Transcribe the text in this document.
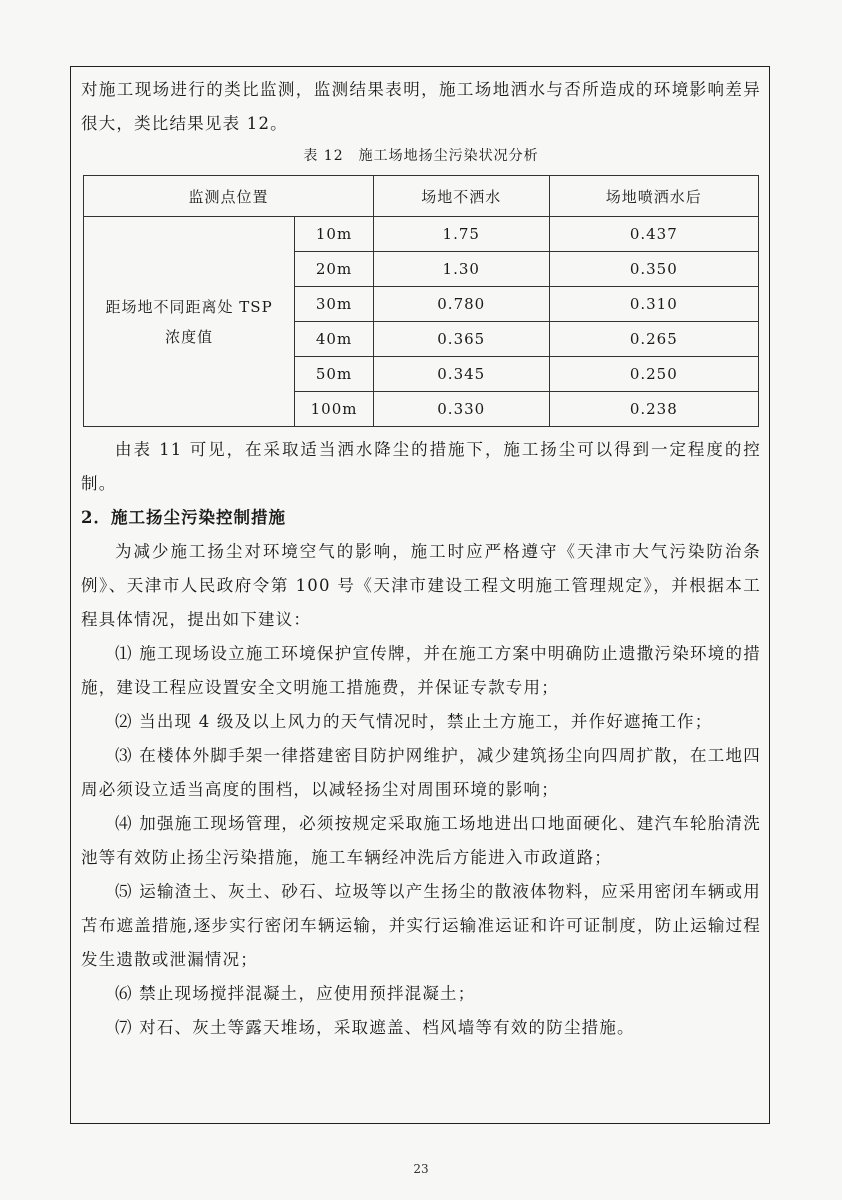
对施工现场进行的类比监测，监测结果表明，施工场地洒水与否所造成的环境影响差异很大，类比结果见表 12。

表 12　施工场地扬尘污染状况分析

监测点位置		场地不洒水	场地喷洒水后
距场地不同距离处 TSP
浓度值	10m	1.75	0.437
	20m	1.30	0.350
	30m	0.780	0.310
	40m	0.365	0.265
	50m	0.345	0.250
	100m	0.330	0.238

由表 11 可见，在采取适当洒水降尘的措施下，施工扬尘可以得到一定程度的控制。

2．施工扬尘污染控制措施

为减少施工扬尘对环境空气的影响，施工时应严格遵守《天津市大气污染防治条例》、天津市人民政府令第 100 号《天津市建设工程文明施工管理规定》，并根据本工程具体情况，提出如下建议：

⑴ 施工现场设立施工环境保护宣传牌，并在施工方案中明确防止遗撒污染环境的措施，建设工程应设置安全文明施工措施费，并保证专款专用；

⑵ 当出现 4 级及以上风力的天气情况时，禁止土方施工，并作好遮掩工作；

⑶ 在楼体外脚手架一律搭建密目防护网维护，减少建筑扬尘向四周扩散，在工地四周必须设立适当高度的围档，以减轻扬尘对周围环境的影响；

⑷ 加强施工现场管理，必须按规定采取施工场地进出口地面硬化、建汽车轮胎清洗池等有效防止扬尘污染措施，施工车辆经冲洗后方能进入市政道路；

⑸ 运输渣土、灰土、砂石、垃圾等以产生扬尘的散液体物料，应采用密闭车辆或用苫布遮盖措施,逐步实行密闭车辆运输，并实行运输准运证和许可证制度，防止运输过程发生遗散或泄漏情况；

⑹ 禁止现场搅拌混凝土，应使用预拌混凝土；

⑺ 对石、灰土等露天堆场，采取遮盖、档风墙等有效的防尘措施。

23
